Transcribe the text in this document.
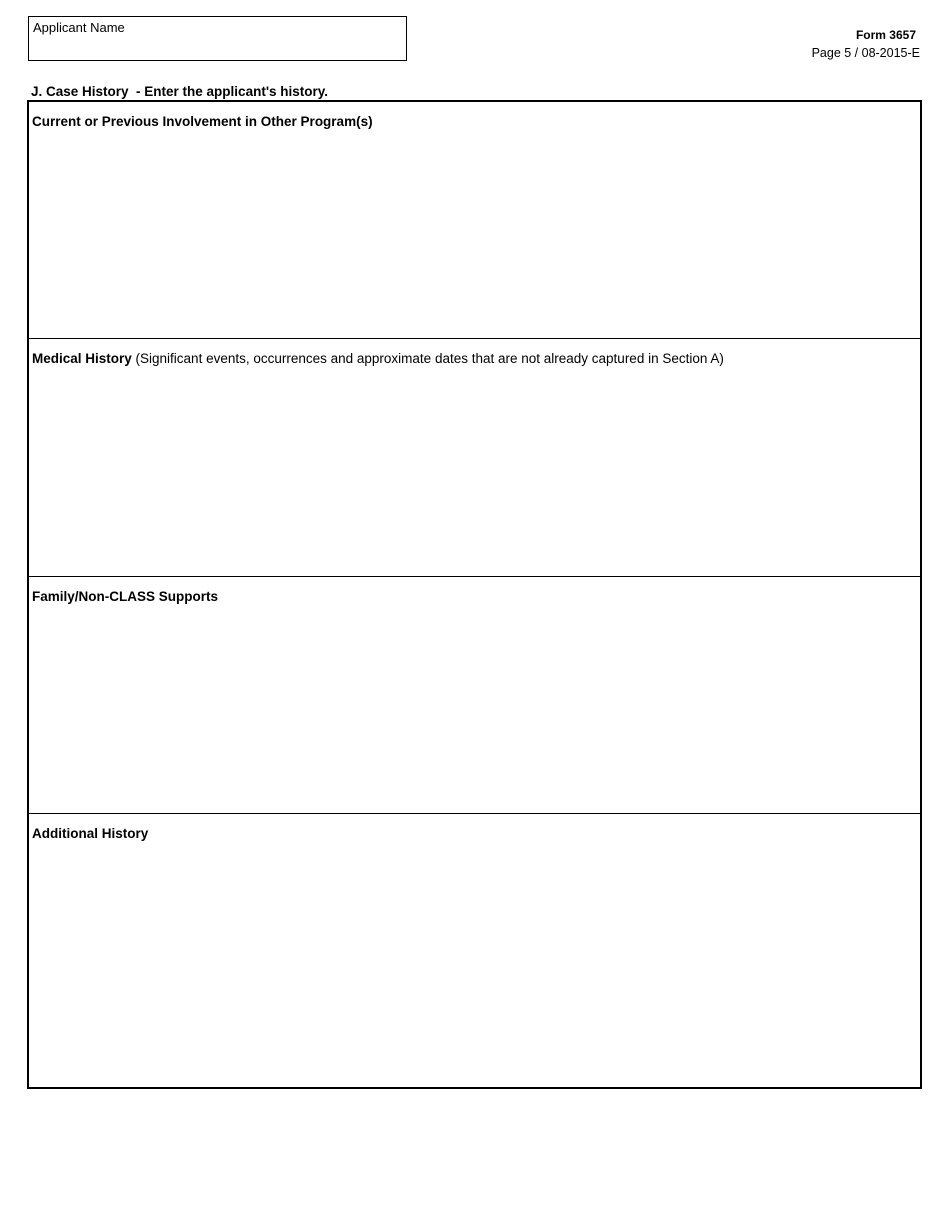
Applicant Name	Form 3657
Page 5 / 08-2015-E
J. Case History  - Enter the applicant's history.
Current or Previous Involvement in Other Program(s)
Medical History (Significant events, occurrences and approximate dates that are not already captured in Section A)
Family/Non-CLASS Supports
Additional History
